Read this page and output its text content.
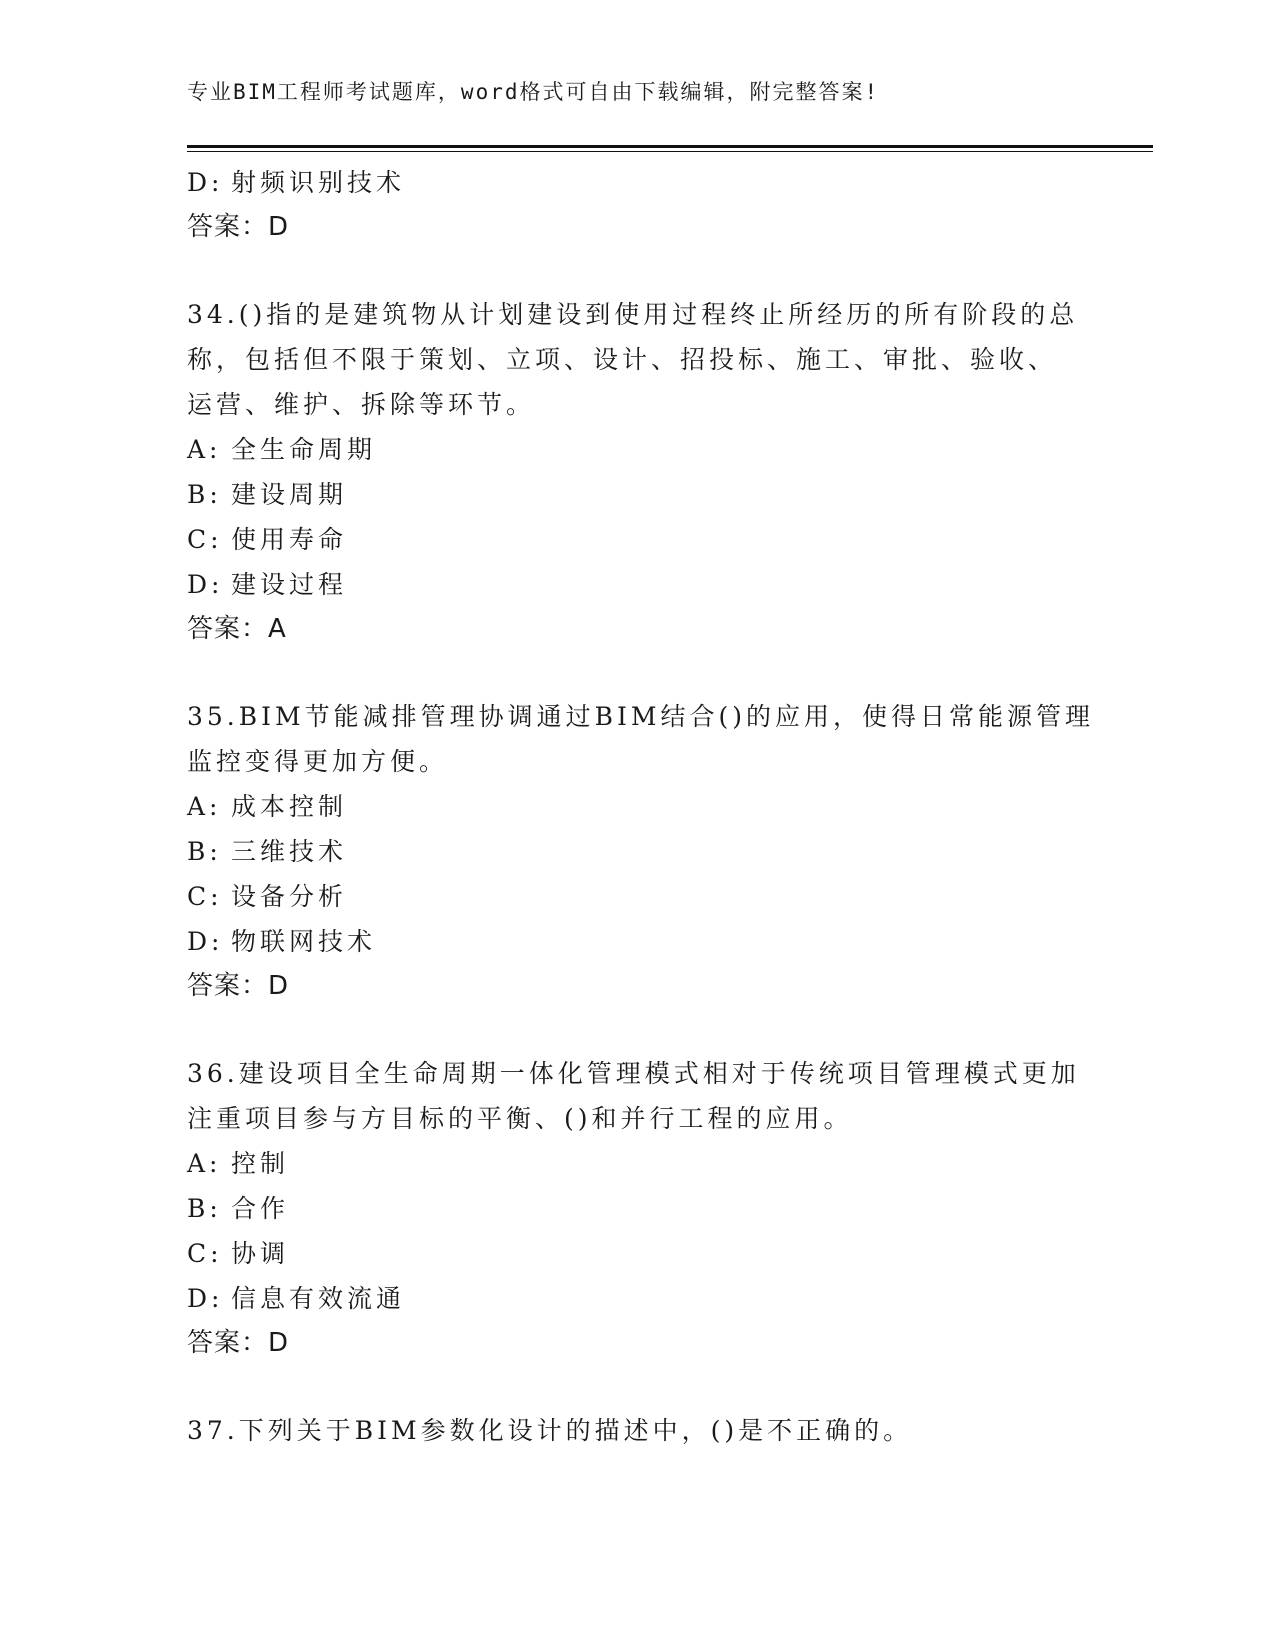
专业BIM工程师考试题库，word格式可自由下载编辑，附完整答案!
D: 射频识别技术
答案：D
34.()指的是建筑物从计划建设到使用过程终止所经历的所有阶段的总
称，包括但不限于策划、立项、设计、招投标、施工、审批、验收、
运营、维护、拆除等环节。
A: 全生命周期
B: 建设周期
C: 使用寿命
D: 建设过程
答案：A
35.BIM节能减排管理协调通过BIM结合()的应用，使得日常能源管理
监控变得更加方便。
A: 成本控制
B: 三维技术
C: 设备分析
D: 物联网技术
答案：D
36.建设项目全生命周期一体化管理模式相对于传统项目管理模式更加
注重项目参与方目标的平衡、()和并行工程的应用。
A: 控制
B: 合作
C: 协调
D: 信息有效流通
答案：D
37.下列关于BIM参数化设计的描述中，()是不正确的。
